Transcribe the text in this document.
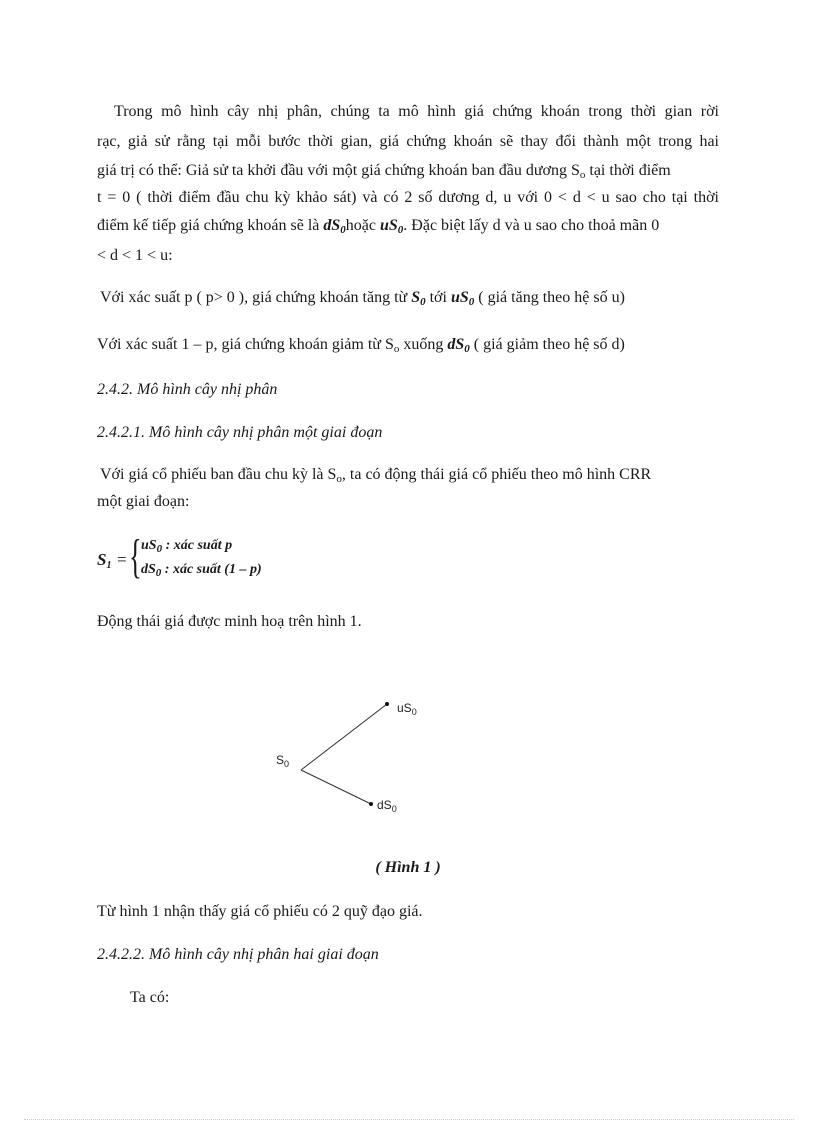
Trong mô hình cây nhị phân, chúng ta mô hình giá chứng khoán trong thời gian rời

rạc, giả sử rằng tại mỗi bước thời gian, giá chứng khoán sẽ thay đổi thành một trong hai

giá trị có thể: Giả sử ta khởi đầu với một giá chứng khoán ban đầu dương $S_o$ tại thời điểm

t = 0 ( thời điểm đầu chu kỳ khảo sát) và có 2 số dương d, u với 0 < d < u sao cho tại thời

điểm kế tiếp giá chứng khoán sẽ là $dS_0hoặc$ $uS_0$. Đặc biệt lấy d và u sao cho thoả mãn 0

< d < 1 < u:

Với xác suất p ( p> 0 ), giá chứng khoán tăng từ $S_0$ tới $uS_0$ ( giá tăng theo hệ số u)

Với xác suất 1 – p, giá chứng khoán giảm từ $S_o$ xuống $dS_0$ ( giá giảm theo hệ số d)

2.4.2. Mô hình cây nhị phân

2.4.2.1. Mô hình cây nhị phân một giai đoạn

Với giá cổ phiếu ban đầu chu kỳ là $S_o$, ta có động thái giá cổ phiếu theo mô hình CRR

một giai đoạn:

$S_1$ = { $uS_0$ : xác suất p
$dS_0$ : xác suất (1 – p)

Động thái giá được minh hoạ trên hình 1.

$S_0$
$uS_0$
$dS_0$
( Hình 1 )

Từ hình 1 nhận thấy giá cổ phiếu có 2 quỹ đạo giá.

2.4.2.2. Mô hình cây nhị phân hai giai đoạn

Ta có:
